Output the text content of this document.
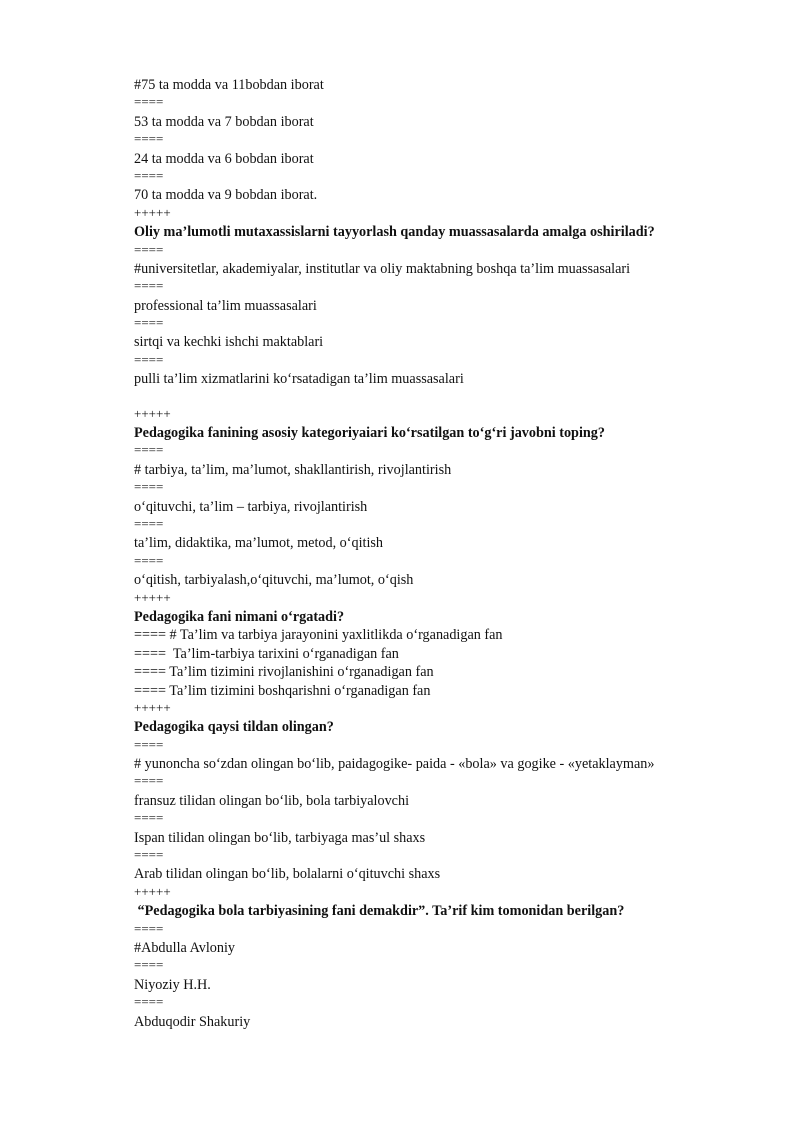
#75 ta modda va 11bobdan iborat
====
53 ta modda va 7 bobdan iborat
====
24 ta modda va 6 bobdan iborat
====
70 ta modda va 9 bobdan iborat.
+++++
Oliy ma’lumotli mutaxassislarni tayyorlash qanday muassasalarda amalga oshiriladi?
====
#universitetlar, akademiyalar, institutlar va oliy maktabning boshqa ta’lim muassasalari
====
professional ta’lim muassasalari
====
sirtqi va kechki ishchi maktablari
====
pulli ta’lim xizmatlarini ko‘rsatadigan ta’lim muassasalari
+++++
Pedagogika fanining asosiy kategoriyaiari ko‘rsatilgan to‘g‘ri javobni toping?
====
# tarbiya, ta’lim, ma’lumot, shakllantirish, rivojlantirish
====
o‘qituvchi, ta’lim – tarbiya, rivojlantirish
====
ta’lim, didaktika, ma’lumot, metod, o‘qitish
====
o‘qitish, tarbiyalash,o‘qituvchi, ma’lumot, o‘qish
+++++
Pedagogika fani nimani o‘rgatadi?
==== # Ta’lim va tarbiya jarayonini yaxlitlikda o‘rganadigan fan
====  Ta’lim-tarbiya tarixini o‘rganadigan fan
==== Ta’lim tizimini rivojlanishini o‘rganadigan fan
==== Ta’lim tizimini boshqarishni o‘rganadigan fan
+++++
Pedagogika qaysi tildan olingan?
====
# yunoncha so‘zdan olingan bo‘lib, paidagogike- paida - «bola» va gogike - «yetaklayman»
====
fransuz tilidan olingan bo‘lib, bola tarbiyalovchi
====
Ispan tilidan olingan bo‘lib, tarbiyaga mas’ul shaxs
====
Arab tilidan olingan bo‘lib, bolalarni o‘qituvchi shaxs
+++++
“Pedagogika bola tarbiyasining fani demakdir”. Ta’rif kim tomonidan berilgan?
====
#Abdulla Avloniy
====
Niyoziy H.H.
====
Abduqodir Shakuriy
